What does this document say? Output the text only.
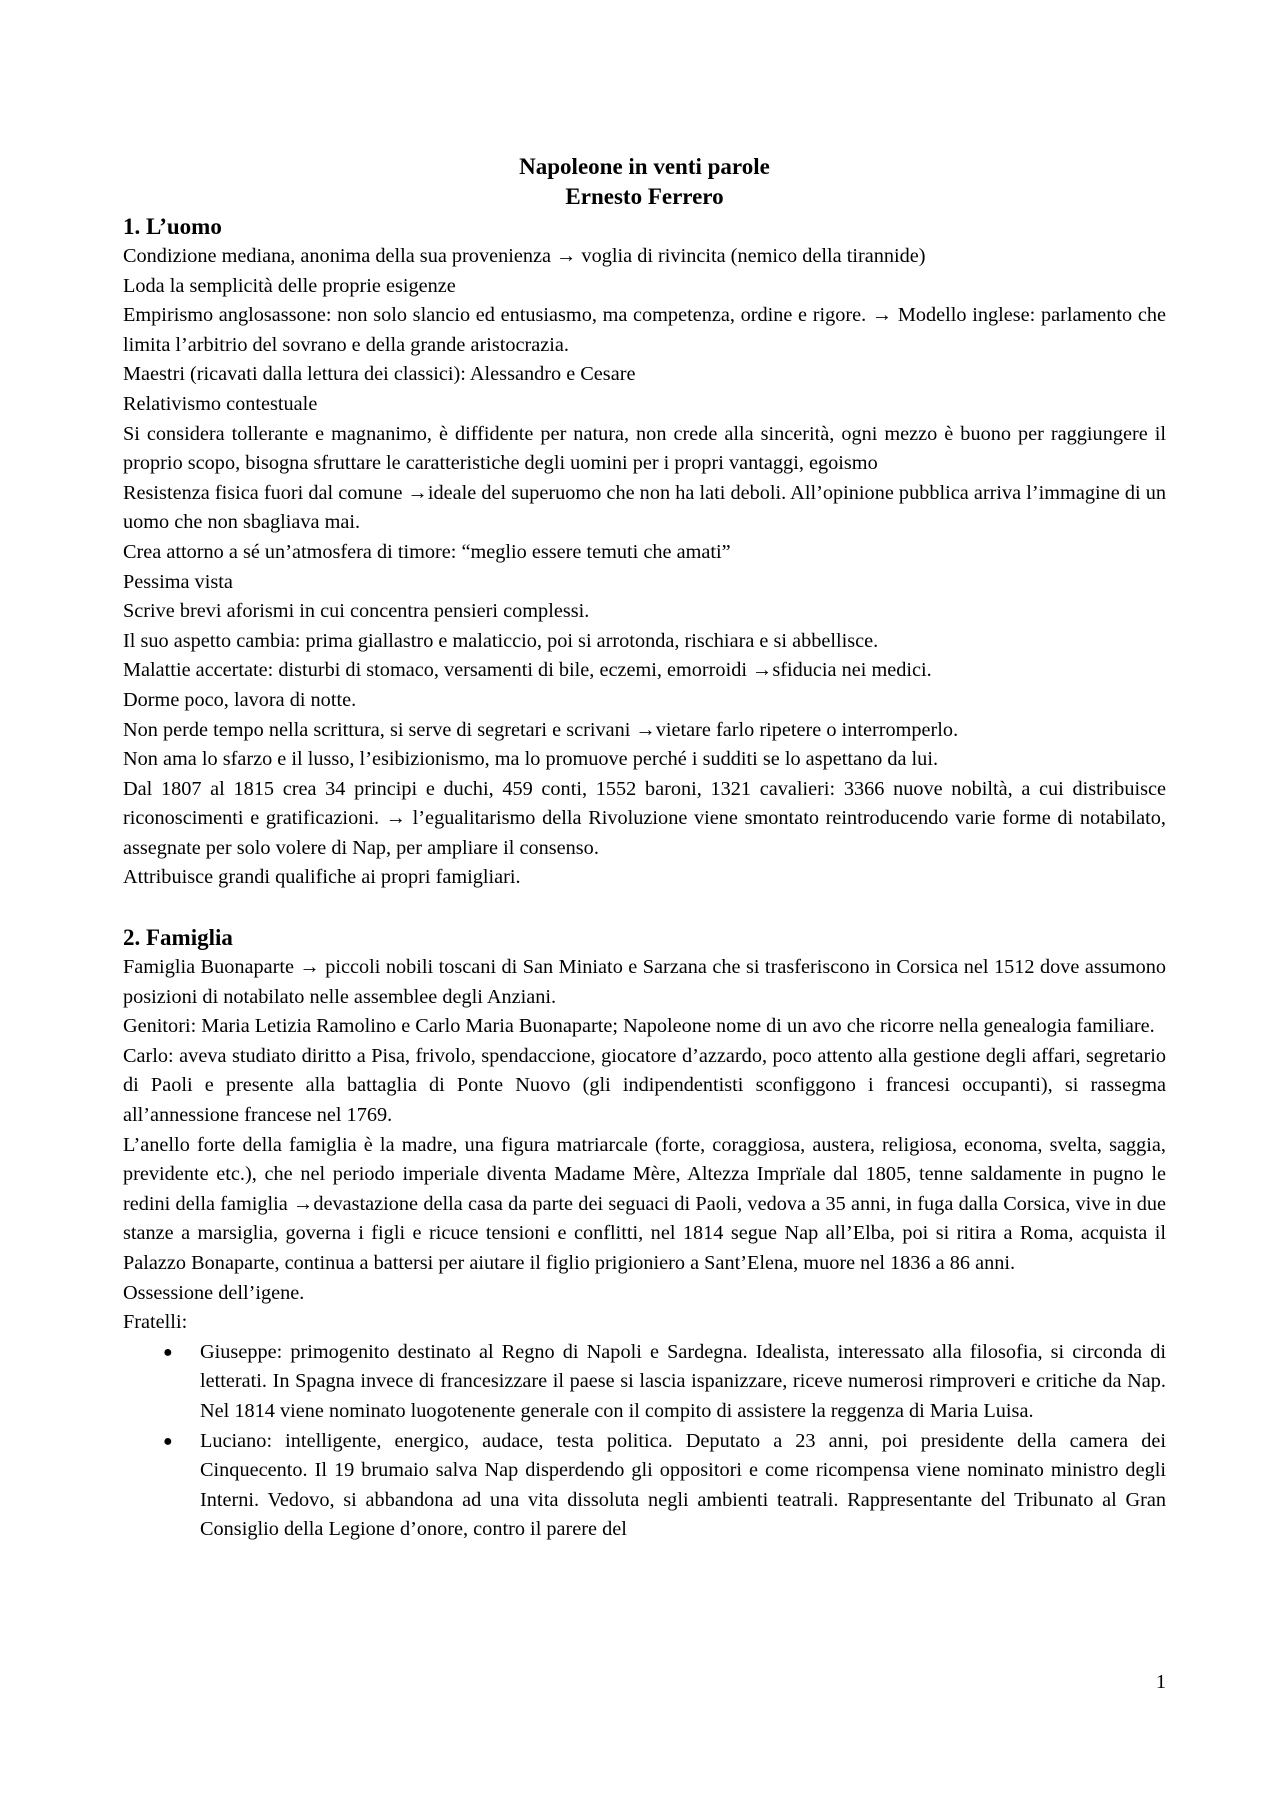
Napoleone in venti parole
Ernesto Ferrero
1. L’uomo
Condizione mediana, anonima della sua provenienza → voglia di rivincita (nemico della tirannide)
Loda la semplicità delle proprie esigenze
Empirismo anglosassone: non solo slancio ed entusiasmo, ma competenza, ordine e rigore. → Modello inglese: parlamento che limita l’arbitrio del sovrano e della grande aristocrazia.
Maestri (ricavati dalla lettura dei classici): Alessandro e Cesare
Relativismo contestuale
Si considera tollerante e magnanimo, è diffidente per natura, non crede alla sincerità, ogni mezzo è buono per raggiungere il proprio scopo, bisogna sfruttare le caratteristiche degli uomini per i propri vantaggi, egoismo
Resistenza fisica fuori dal comune →ideale del superuomo che non ha lati deboli. All’opinione pubblica arriva l’immagine di un uomo che non sbagliava mai.
Crea attorno a sé un’atmosfera di timore: “meglio essere temuti che amati”
Pessima vista
Scrive brevi aforismi in cui concentra pensieri complessi.
Il suo aspetto cambia: prima giallastro e malaticcio, poi si arrotonda, rischiara e si abbellisce.
Malattie accertate: disturbi di stomaco, versamenti di bile, eczemi, emorroidi →sfiducia nei medici.
Dorme poco, lavora di notte.
Non perde tempo nella scrittura, si serve di segretari e scrivani →vietare farlo ripetere o interromperlo.
Non ama lo sfarzo e il lusso, l’esibizionismo, ma lo promuove perché i sudditi se lo aspettano da lui.
Dal 1807 al 1815 crea 34 principi e duchi, 459 conti, 1552 baroni, 1321 cavalieri: 3366 nuove nobiltà, a cui distribuisce riconoscimenti e gratificazioni. → l’egualitarismo della Rivoluzione viene smontato reintroducendo varie forme di notabilato, assegnate per solo volere di Nap, per ampliare il consenso.
Attribuisce grandi qualifiche ai propri famigliari.
2. Famiglia
Famiglia Buonaparte → piccoli nobili toscani di San Miniato e Sarzana che si trasferiscono in Corsica nel 1512 dove assumono posizioni di notabilato nelle assemblee degli Anziani.
Genitori: Maria Letizia Ramolino e Carlo Maria Buonaparte; Napoleone nome di un avo che ricorre nella genealogia familiare.
Carlo: aveva studiato diritto a Pisa, frivolo, spendaccione, giocatore d’azzardo, poco attento alla gestione degli affari, segretario di Paoli e presente alla battaglia di Ponte Nuovo (gli indipendentisti sconfiggono i francesi occupanti), si rassegma all’annessione francese nel 1769.
L’anello forte della famiglia è la madre, una figura matriarcale (forte, coraggiosa, austera, religiosa, economa, svelta, saggia, previdente etc.), che nel periodo imperiale diventa Madame Mère, Altezza Imprïale dal 1805, tenne saldamente in pugno le redini della famiglia →devastazione della casa da parte dei seguaci di Paoli, vedova a 35 anni, in fuga dalla Corsica, vive in due stanze a marsiglia, governa i figli e ricuce tensioni e conflitti, nel 1814 segue Nap all’Elba, poi si ritira a Roma, acquista il Palazzo Bonaparte, continua a battersi per aiutare il figlio prigioniero a Sant’Elena, muore nel 1836 a 86 anni.
Ossessione dell’igene.
Fratelli:
● Giuseppe: primogenito destinato al Regno di Napoli e Sardegna. Idealista, interessato alla filosofia, si circonda di letterati. In Spagna invece di francesizzare il paese si lascia ispanizzare, riceve numerosi rimproveri e critiche da Nap. Nel 1814 viene nominato luogotenente generale con il compito di assistere la reggenza di Maria Luisa.
● Luciano: intelligente, energico, audace, testa politica. Deputato a 23 anni, poi presidente della camera dei Cinquecento. Il 19 brumaio salva Nap disperdendo gli oppositori e come ricompensa viene nominato ministro degli Interni. Vedovo, si abbandona ad una vita dissoluta negli ambienti teatrali. Rappresentante del Tribunato al Gran Consiglio della Legione d’onore, contro il parere del
1
